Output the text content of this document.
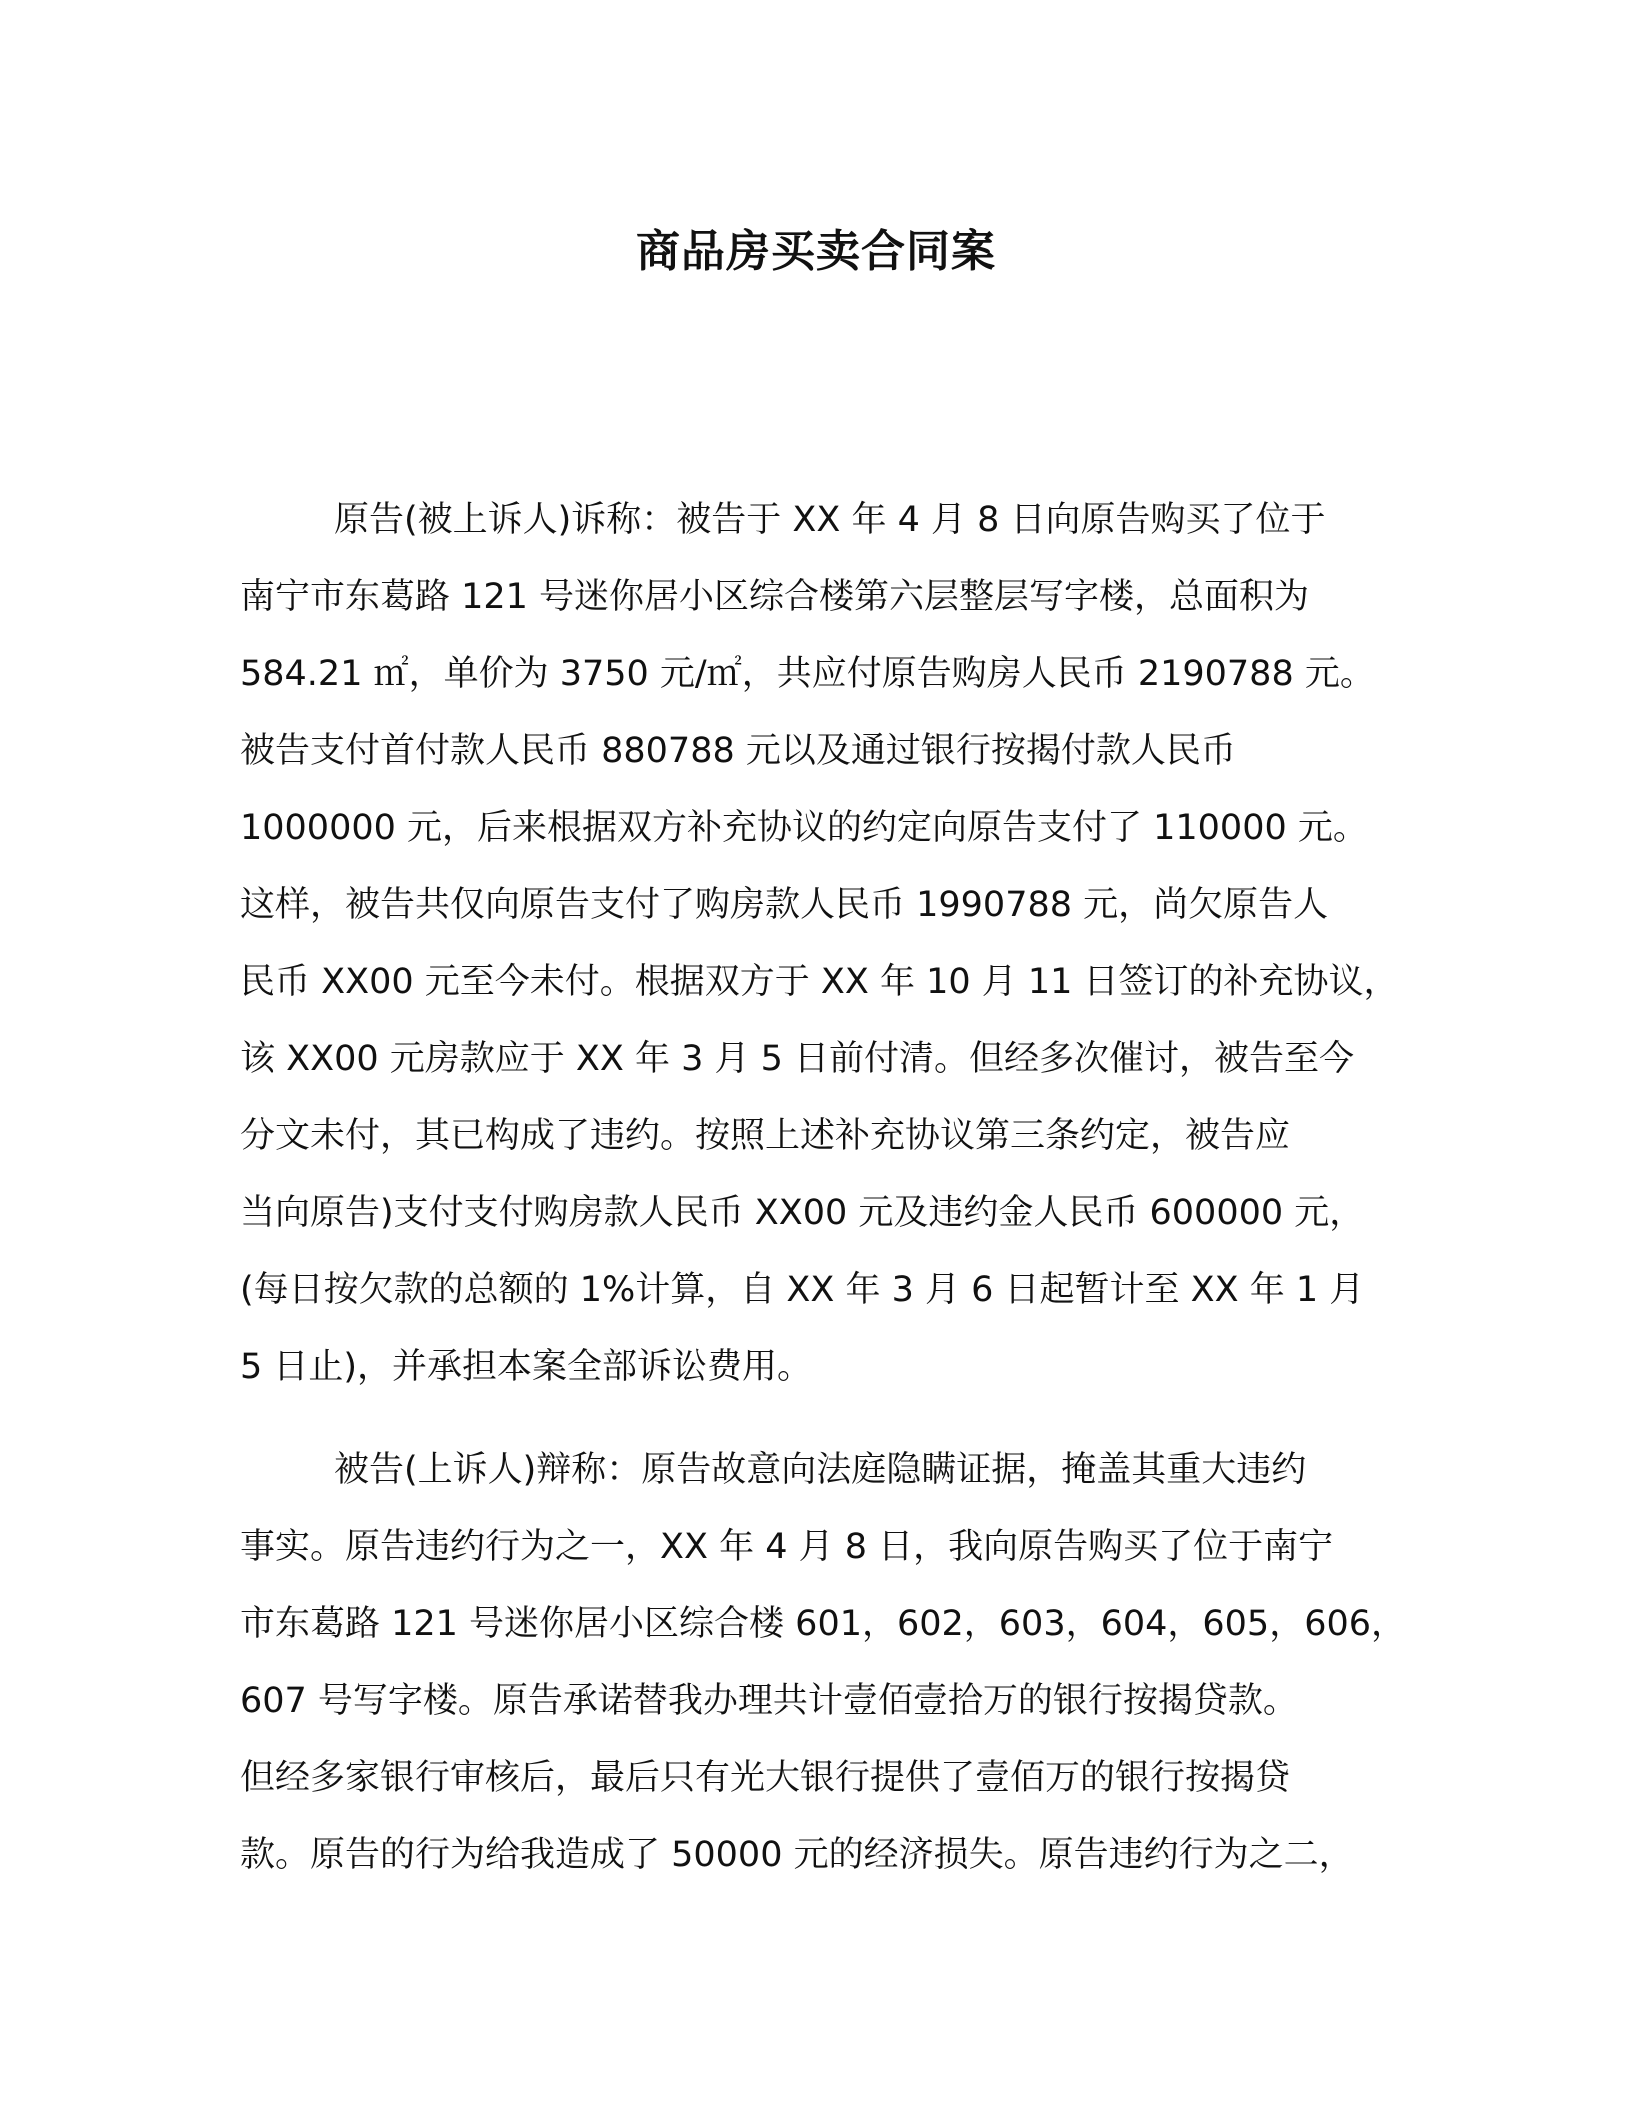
商品房买卖合同案
原告(被上诉人)诉称：被告于 XX 年 4 月 8 日向原告购买了位于
南宁市东葛路 121 号迷你居小区综合楼第六层整层写字楼，总面积为
584.21 ㎡，单价为 3750 元/㎡，共应付原告购房人民币 2190788 元。
被告支付首付款人民币 880788 元以及通过银行按揭付款人民币
1000000 元，后来根据双方补充协议的约定向原告支付了 110000 元。
这样，被告共仅向原告支付了购房款人民币 1990788 元，尚欠原告人
民币 XX00 元至今未付。根据双方于 XX 年 10 月 11 日签订的补充协议，
该 XX00 元房款应于 XX 年 3 月 5 日前付清。但经多次催讨，被告至今
分文未付，其已构成了违约。按照上述补充协议第三条约定，被告应
当向原告)支付支付购房款人民币 XX00 元及违约金人民币 600000 元，
(每日按欠款的总额的 1%计算，自 XX 年 3 月 6 日起暂计至 XX 年 1 月
5 日止)，并承担本案全部诉讼费用。
被告(上诉人)辩称：原告故意向法庭隐瞒证据，掩盖其重大违约
事实。原告违约行为之一，XX 年 4 月 8 日，我向原告购买了位于南宁
市东葛路 121 号迷你居小区综合楼 601，602，603，604，605，606，
607 号写字楼。原告承诺替我办理共计壹佰壹拾万的银行按揭贷款。
但经多家银行审核后，最后只有光大银行提供了壹佰万的银行按揭贷
款。原告的行为给我造成了 50000 元的经济损失。原告违约行为之二，
